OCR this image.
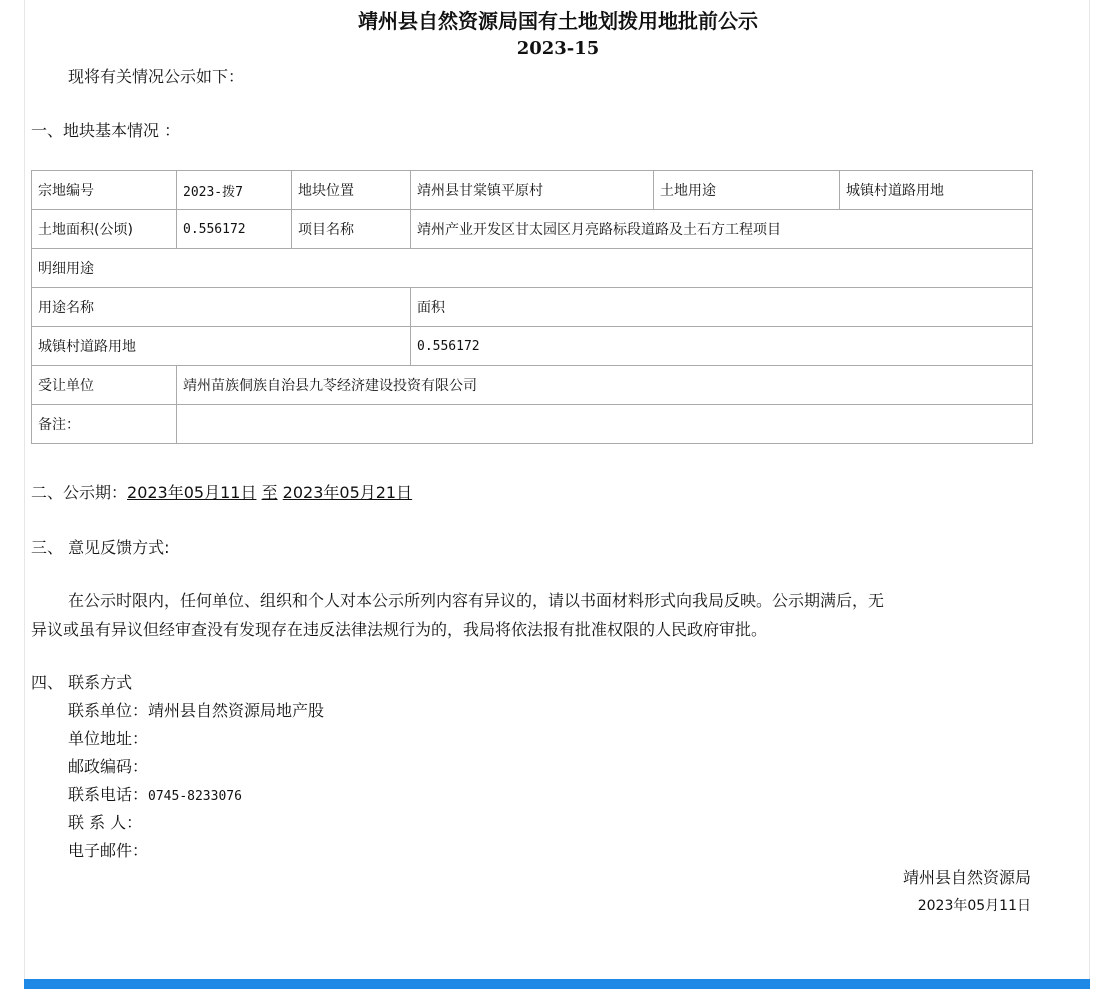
靖州县自然资源局国有土地划拨用地批前公示
2023-15
现将有关情况公示如下：
一、地块基本情况 ：
宗地编号	2023-拨7	地块位置	靖州县甘棠镇平原村	土地用途	城镇村道路用地
土地面积(公顷)	0.556172	项目名称	靖州产业开发区甘太园区月亮路标段道路及土石方工程项目		
明细用途					
用途名称			面积		
城镇村道路用地			0.556172		
受让单位	靖州苗族侗族自治县九苓经济建设投资有限公司				
备注：					
二、公示期：2023年05月11日 至 2023年05月21日
三、 意见反馈方式:
在公示时限内，任何单位、组织和个人对本公示所列内容有异议的，请以书面材料形式向我局反映。公示期满后，无
异议或虽有异议但经审查没有发现存在违反法律法规行为的，我局将依法报有批准权限的人民政府审批。
四、 联系方式
联系单位：靖州县自然资源局地产股
单位地址：
邮政编码：
联系电话：0745-8233076
联 系 人：
电子邮件：
靖州县自然资源局
2023年05月11日
